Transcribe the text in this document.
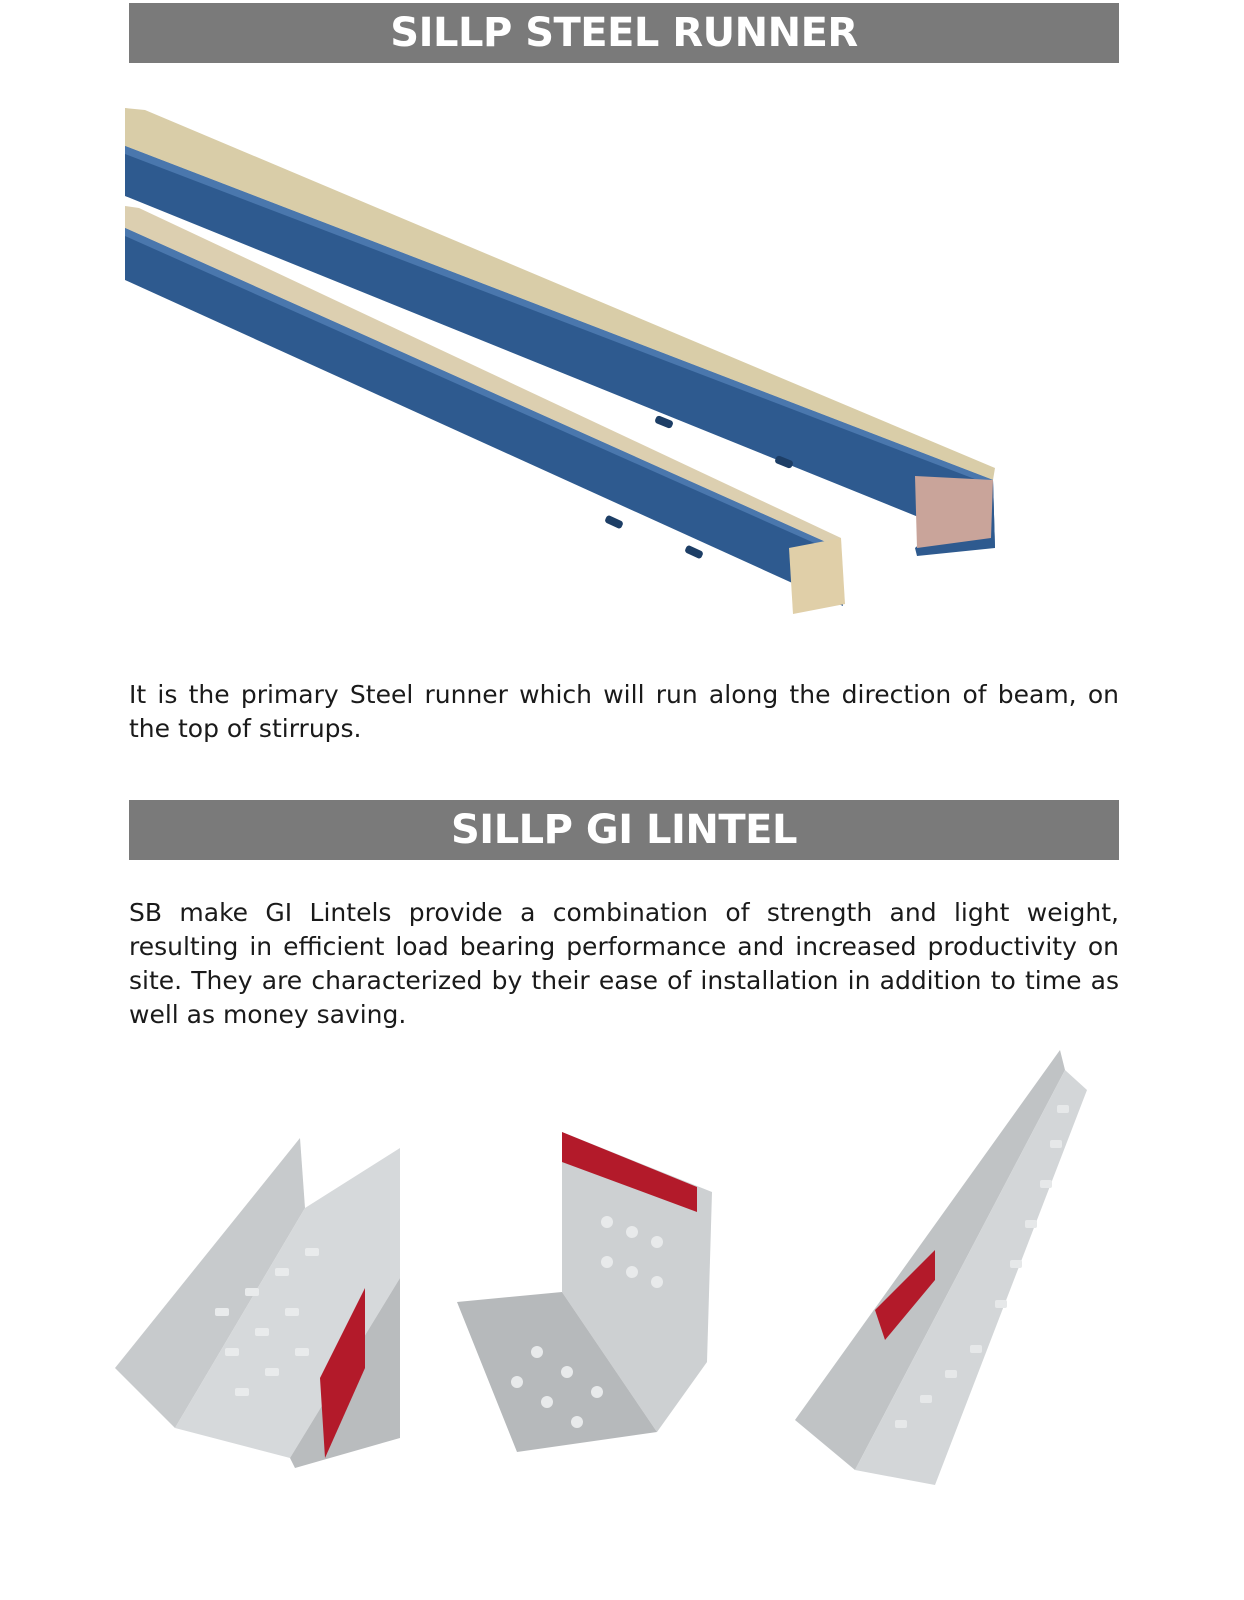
SILLP STEEL RUNNER
It is the primary Steel runner which will run along the direction of beam, on the top of stirrups.
SILLP GI LINTEL
SB make GI Lintels provide a combination of strength and light weight, resulting in efficient load bearing performance and increased productivity on site. They are characterized by their ease of installation in addition to time as well as money saving.
